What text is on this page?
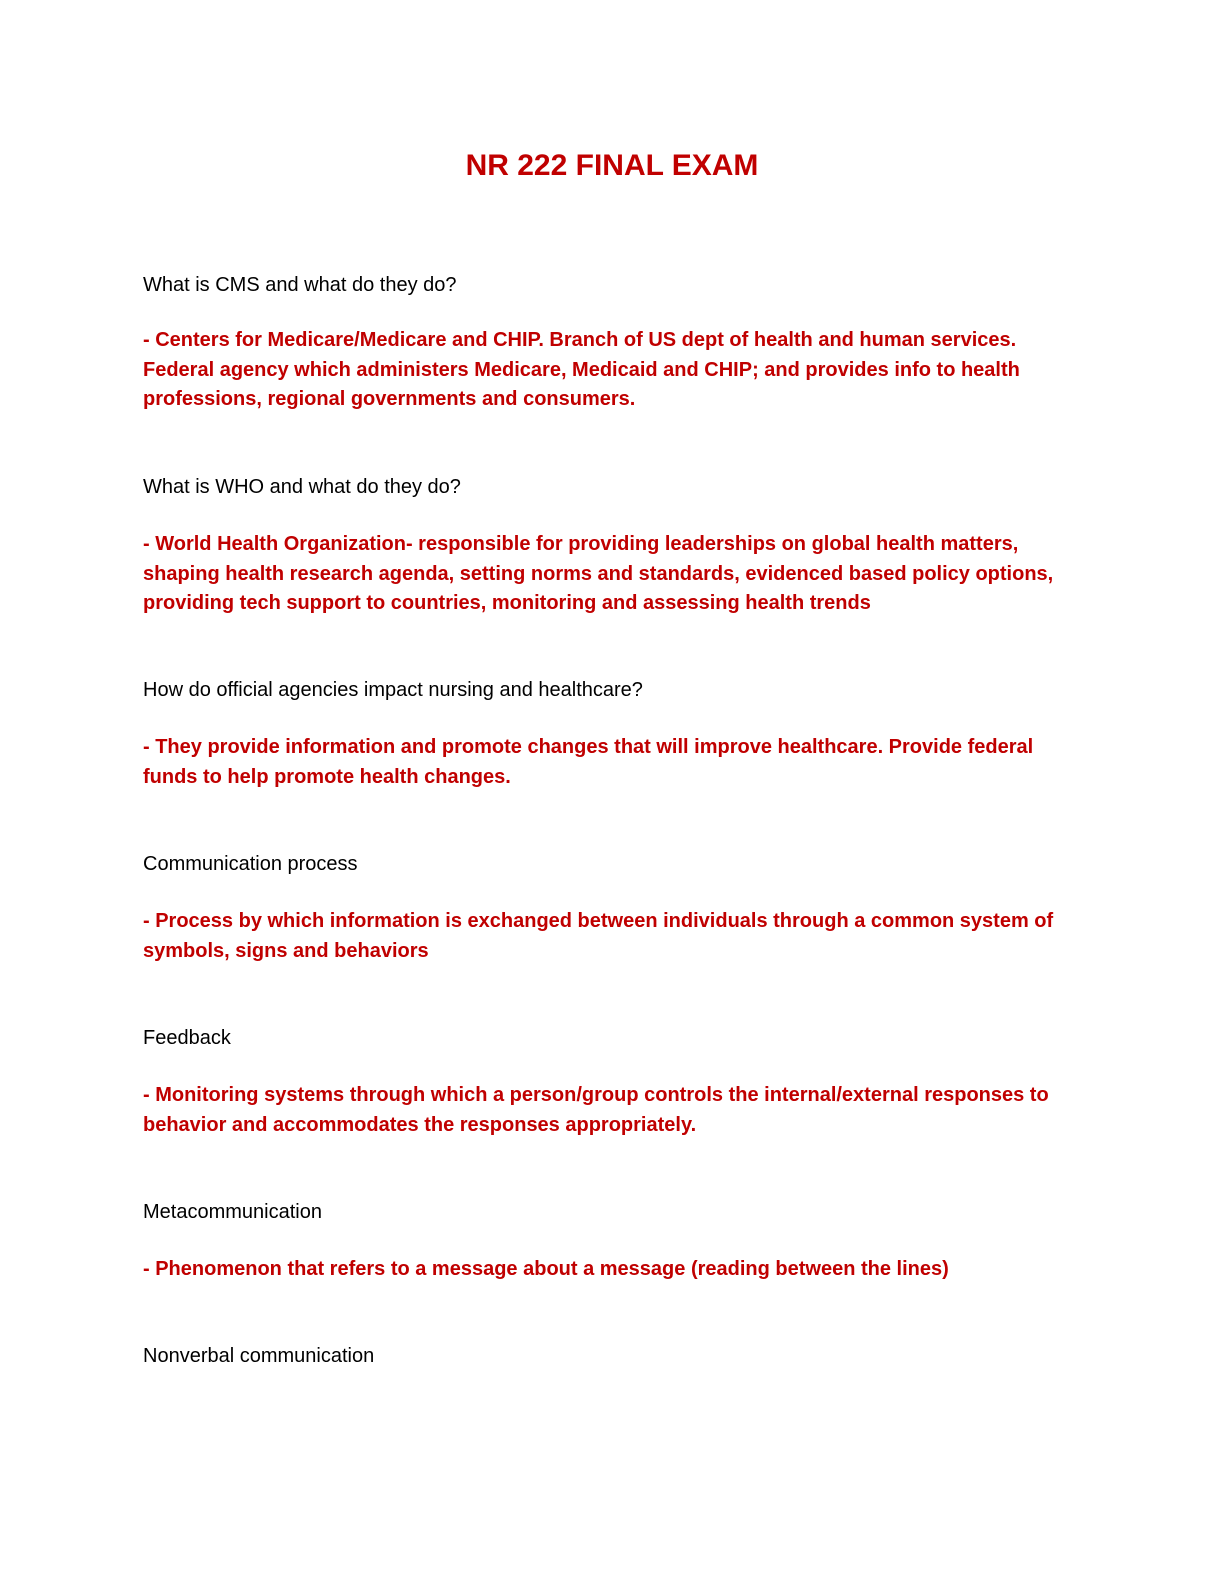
NR 222 FINAL EXAM

What is CMS and what do they do?

- Centers for Medicare/Medicare and CHIP. Branch of US dept of health and human services. Federal agency which administers Medicare, Medicaid and CHIP; and provides info to health professions, regional governments and consumers.

What is WHO and what do they do?

- World Health Organization- responsible for providing leaderships on global health matters, shaping health research agenda, setting norms and standards, evidenced based policy options, providing tech support to countries, monitoring and assessing health trends

How do official agencies impact nursing and healthcare?

- They provide information and promote changes that will improve healthcare. Provide federal funds to help promote health changes.

Communication process

- Process by which information is exchanged between individuals through a common system of symbols, signs and behaviors

Feedback

- Monitoring systems through which a person/group controls the internal/external responses to behavior and accommodates the responses appropriately.

Metacommunication

- Phenomenon that refers to a message about a message (reading between the lines)

Nonverbal communication
